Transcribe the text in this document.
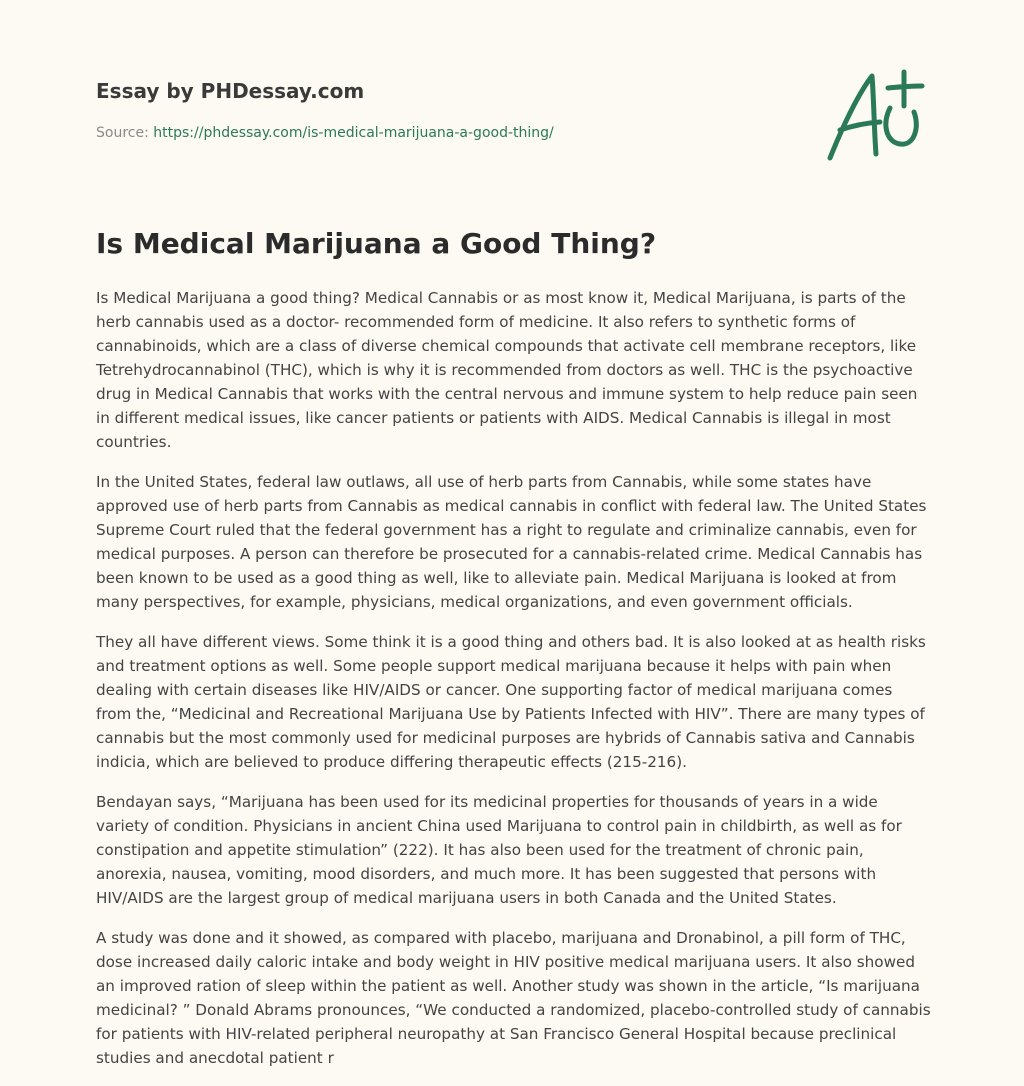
Essay by PHDessay.com
Source: https://phdessay.com/is-medical-marijuana-a-good-thing/
Is Medical Marijuana a Good Thing?

Is Medical Marijuana a good thing? Medical Cannabis or as most know it, Medical Marijuana, is parts of the herb cannabis used as a doctor- recommended form of medicine. It also refers to synthetic forms of cannabinoids, which are a class of diverse chemical compounds that activate cell membrane receptors, like Tetrehydrocannabinol (THC), which is why it is recommended from doctors as well. THC is the psychoactive drug in Medical Cannabis that works with the central nervous and immune system to help reduce pain seen in different medical issues, like cancer patients or patients with AIDS. Medical Cannabis is illegal in most countries.

In the United States, federal law outlaws, all use of herb parts from Cannabis, while some states have approved use of herb parts from Cannabis as medical cannabis in conflict with federal law. The United States Supreme Court ruled that the federal government has a right to regulate and criminalize cannabis, even for medical purposes. A person can therefore be prosecuted for a cannabis-related crime. Medical Cannabis has been known to be used as a good thing as well, like to alleviate pain. Medical Marijuana is looked at from many perspectives, for example, physicians, medical organizations, and even government officials.

They all have different views. Some think it is a good thing and others bad. It is also looked at as health risks and treatment options as well. Some people support medical marijuana because it helps with pain when dealing with certain diseases like HIV/AIDS or cancer. One supporting factor of medical marijuana comes from the, “Medicinal and Recreational Marijuana Use by Patients Infected with HIV”. There are many types of cannabis but the most commonly used for medicinal purposes are hybrids of Cannabis sativa and Cannabis indicia, which are believed to produce differing therapeutic effects (215-216).

Bendayan says, “Marijuana has been used for its medicinal properties for thousands of years in a wide variety of condition. Physicians in ancient China used Marijuana to control pain in childbirth, as well as for constipation and appetite stimulation” (222). It has also been used for the treatment of chronic pain, anorexia, nausea, vomiting, mood disorders, and much more. It has been suggested that persons with HIV/AIDS are the largest group of medical marijuana users in both Canada and the United States.

A study was done and it showed, as compared with placebo, marijuana and Dronabinol, a pill form of THC, dose increased daily caloric intake and body weight in HIV positive medical marijuana users. It also showed an improved ration of sleep within the patient as well. Another study was shown in the article, “Is marijuana medicinal? ” Donald Abrams pronounces, “We conducted a randomized, placebo-controlled study of cannabis for patients with HIV-related peripheral neuropathy at San Francisco General Hospital because preclinical studies and anecdotal patient r
